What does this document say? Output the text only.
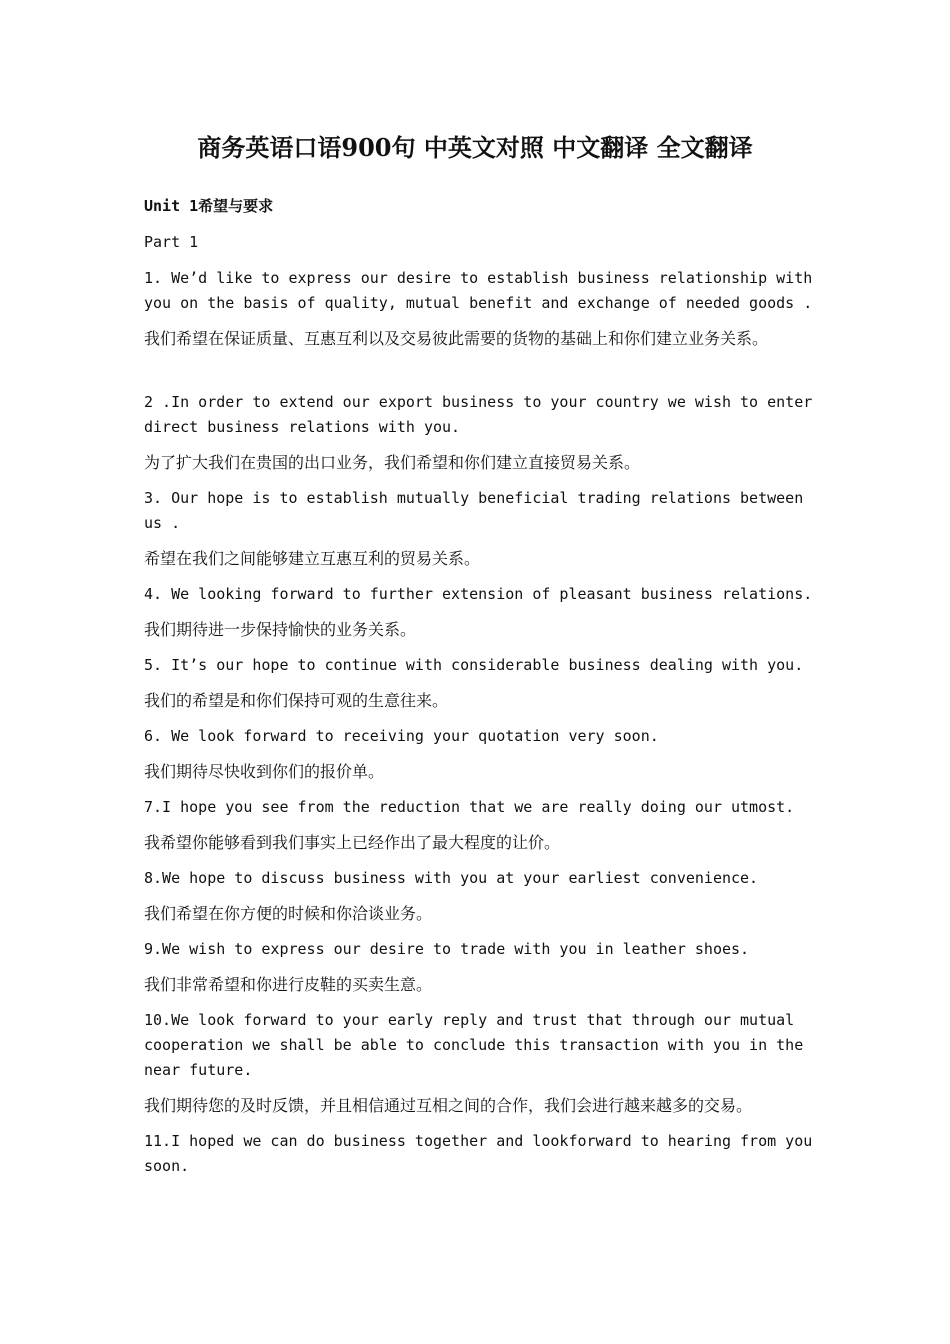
商务英语口语900句 中英文对照 中文翻译 全文翻译
Unit 1希望与要求
Part 1
1. We’d like to express our desire to establish business relationship with
you on the basis of quality, mutual benefit and exchange of needed goods .
我们希望在保证质量、互惠互利以及交易彼此需要的货物的基础上和你们建立业务关系。
2 .In order to extend our export business to your country we wish to enter
direct business relations with you.
为了扩大我们在贵国的出口业务，我们希望和你们建立直接贸易关系。
3. Our hope is to establish mutually beneficial trading relations between
us .
希望在我们之间能够建立互惠互利的贸易关系。
4. We looking forward to further extension of pleasant business relations.
我们期待进一步保持愉快的业务关系。
5. It’s our hope to continue with considerable business dealing with you.
我们的希望是和你们保持可观的生意往来。
6. We look forward to receiving your quotation very soon.
我们期待尽快收到你们的报价单。
7.I hope you see from the reduction that we are really doing our utmost.
我希望你能够看到我们事实上已经作出了最大程度的让价。
8.We hope to discuss business with you at your earliest convenience.
我们希望在你方便的时候和你洽谈业务。
9.We wish to express our desire to trade with you in leather shoes.
我们非常希望和你进行皮鞋的买卖生意。
10.We look forward to your early reply and trust that through our mutual
cooperation we shall be able to conclude this transaction with you in the
near future.
我们期待您的及时反馈，并且相信通过互相之间的合作，我们会进行越来越多的交易。
11.I hoped we can do business together and lookforward to hearing from you
soon.
